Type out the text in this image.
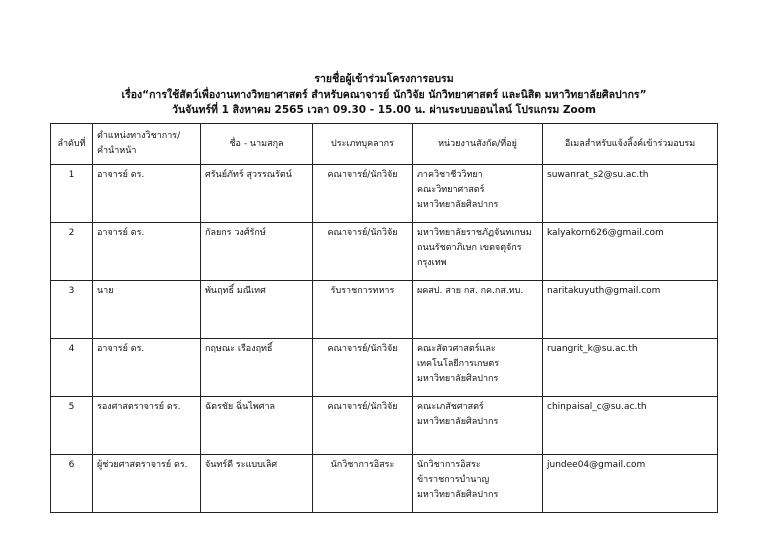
รายชื่อผู้เข้าร่วมโครงการอบรม
เรื่อง“การใช้สัตว์เพื่องานทางวิทยาศาสตร์ สำหรับคณาจารย์ นักวิจัย นักวิทยาศาสตร์ และนิสิต มหาวิทยาลัยศิลปากร”
วันจันทร์ที่ 1 สิงหาคม 2565 เวลา 09.30 - 15.00 น. ผ่านระบบออนไลน์ โปรแกรม Zoom
ลำดับที่	ตำแหน่งทางวิชาการ/
คำนำหน้า	ชื่อ - นามสกุล	ประเภทบุคลากร	หน่วยงานสังกัด/ที่อยู่	อีเมลสำหรับแจ้งลิ้งค์เข้าร่วมอบรม
1	อาจารย์ ดร.	ศรันย์ภัทร์ สุวรรณรัตน์	คณาจารย์/นักวิจัย	ภาควิชาชีววิทยา
คณะวิทยาศาสตร์
มหาวิทยาลัยศิลปากร	suwanrat_s2@su.ac.th
2	อาจารย์ ดร.	กัลยกร วงศ์รักษ์	คณาจารย์/นักวิจัย	มหาวิทยาลัยราชภัฏจันทเกษม
ถนนรัชดาภิเษก เขตจตุจักร
กรุงเทพ	kalyakorn626@gmail.com
3	นาย	พันฤทธิ์ มณีเทศ	รับราชการทหาร	ผคสป. สาย กส. กค.กส.ทบ.	naritakuyuth@gmail.com
4	อาจารย์ ดร.	กฤษณะ เรืองฤทธิ์	คณาจารย์/นักวิจัย	คณะสัตวศาสตร์และ
เทคโนโลยีการเกษตร
มหาวิทยาลัยศิลปากร	ruangrit_k@su.ac.th
5	รองศาสตราจารย์ ดร.	ฉัตรชัย ฉิ่นไพศาล	คณาจารย์/นักวิจัย	คณะเภสัชศาสตร์
มหาวิทยาลัยศิลปากร	chinpaisal_c@su.ac.th
6	ผู้ช่วยศาสตราจารย์ ดร.	จันทร์ดี ระแบบเลิศ	นักวิชาการอิสระ	นักวิชาการอิสระ
ข้าราชการบำนาญ
มหาวิทยาลัยศิลปากร	jundee04@gmail.com
